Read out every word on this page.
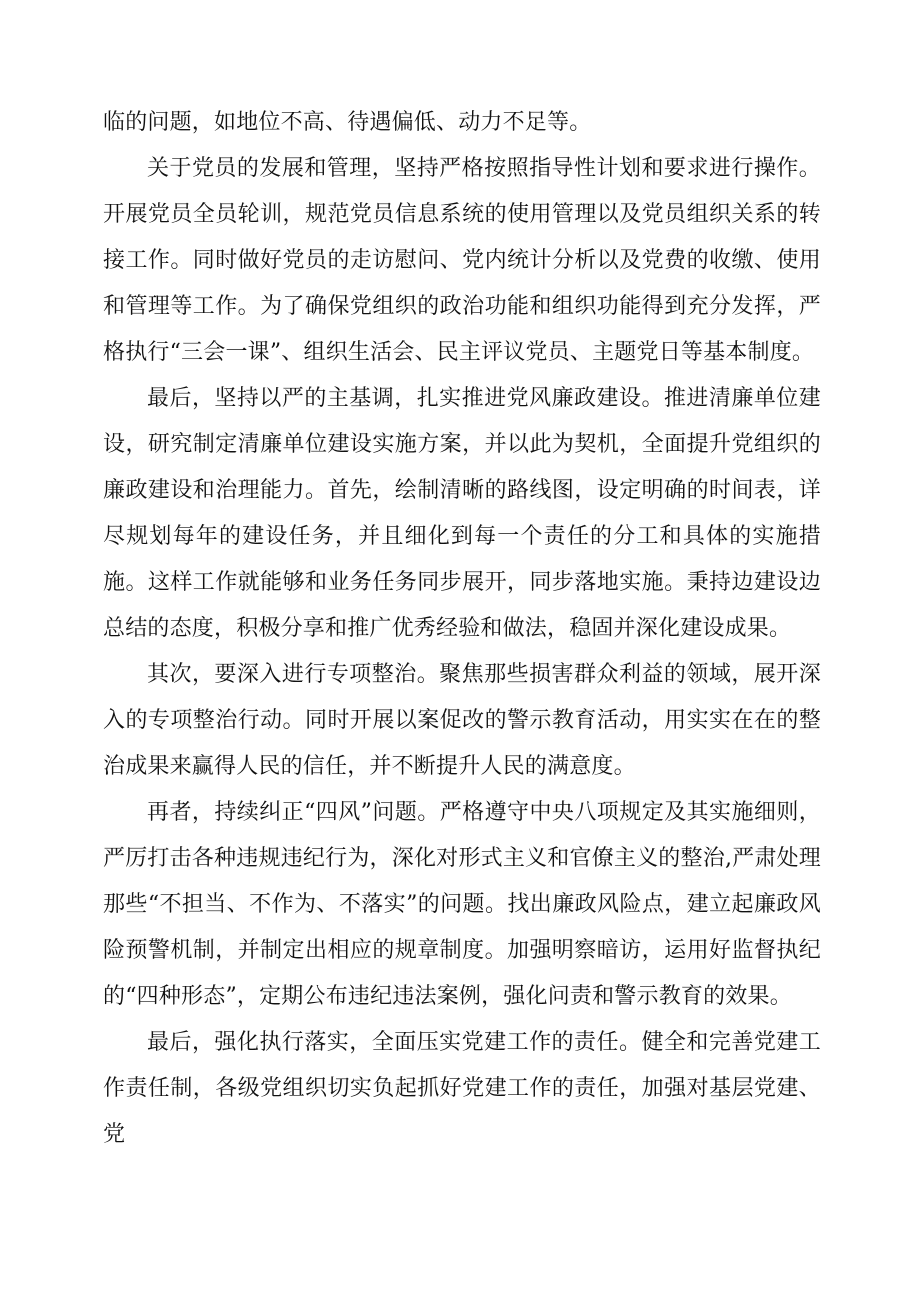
临的问题，如地位不高、待遇偏低、动力不足等。

关于党员的发展和管理，坚持严格按照指导性计划和要求进行操作。开展党员全员轮训，规范党员信息系统的使用管理以及党员组织关系的转接工作。同时做好党员的走访慰问、党内统计分析以及党费的收缴、使用和管理等工作。为了确保党组织的政治功能和组织功能得到充分发挥，严格执行“三会一课”、组织生活会、民主评议党员、主题党日等基本制度。

最后，坚持以严的主基调，扎实推进党风廉政建设。推进清廉单位建设，研究制定清廉单位建设实施方案，并以此为契机，全面提升党组织的廉政建设和治理能力。首先，绘制清晰的路线图，设定明确的时间表，详尽规划每年的建设任务，并且细化到每一个责任的分工和具体的实施措施。这样工作就能够和业务任务同步展开，同步落地实施。秉持边建设边总结的态度，积极分享和推广优秀经验和做法，稳固并深化建设成果。

其次，要深入进行专项整治。聚焦那些损害群众利益的领域，展开深入的专项整治行动。同时开展以案促改的警示教育活动，用实实在在的整治成果来赢得人民的信任，并不断提升人民的满意度。

再者，持续纠正“四风”问题。严格遵守中央八项规定及其实施细则，严厉打击各种违规违纪行为，深化对形式主义和官僚主义的整治,严肃处理那些“不担当、不作为、不落实”的问题。找出廉政风险点，建立起廉政风险预警机制，并制定出相应的规章制度。加强明察暗访，运用好监督执纪的“四种形态”，定期公布违纪违法案例，强化问责和警示教育的效果。

最后，强化执行落实，全面压实党建工作的责任。健全和完善党建工作责任制，各级党组织切实负起抓好党建工作的责任，加强对基层党建、党
